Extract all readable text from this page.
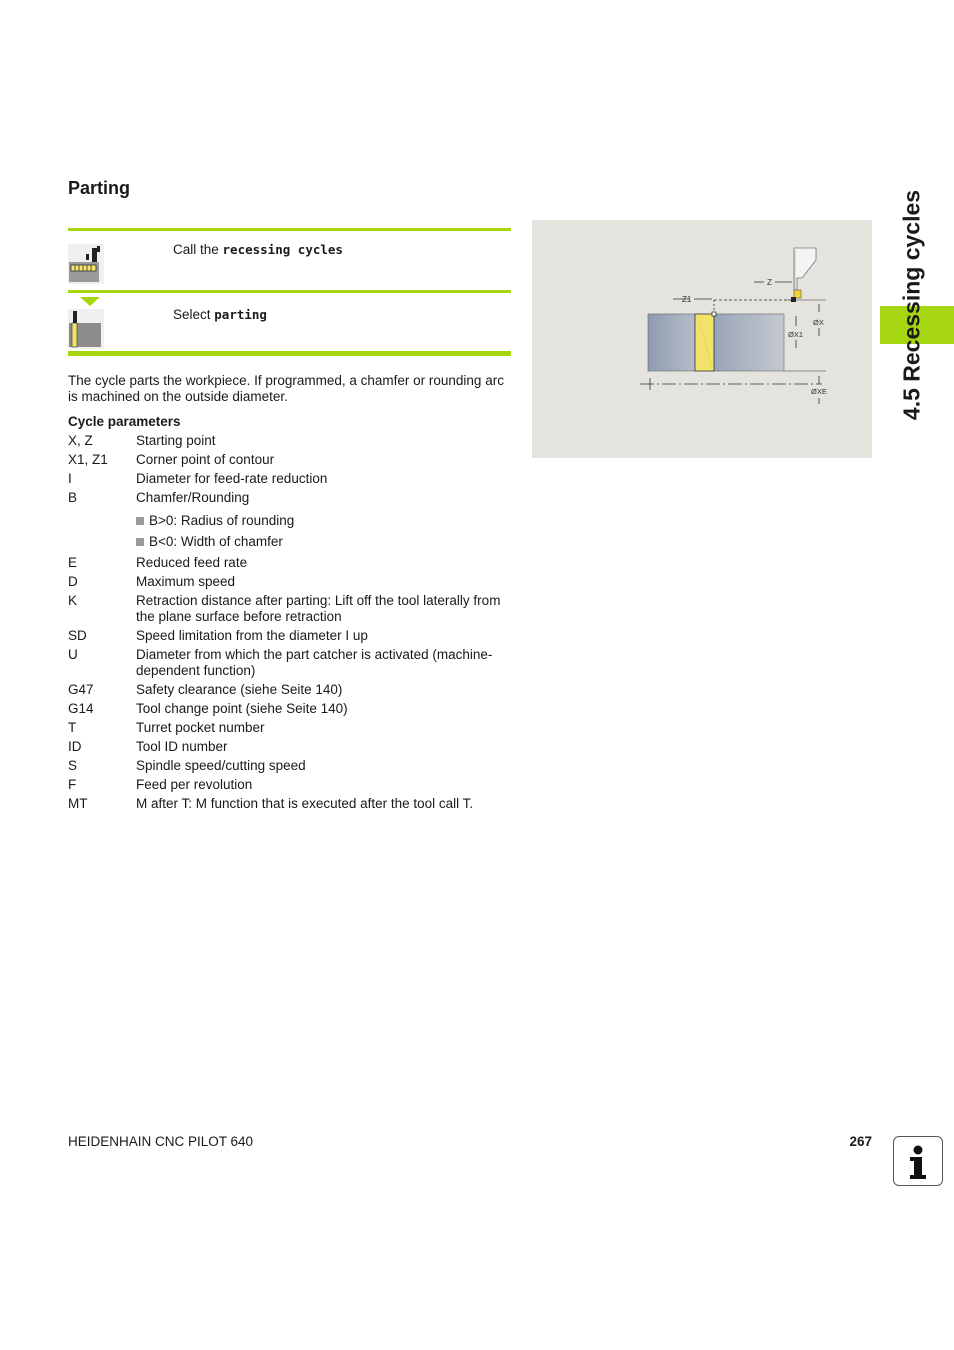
Parting
Call the recessing cycles
Select parting

The cycle parts the workpiece. If programmed, a chamfer or rounding arc is machined on the outside diameter.

Cycle parameters
X, Z	Starting point
X1, Z1	Corner point of contour
I	Diameter for feed-rate reduction
B	Chamfer/Rounding
B>0: Radius of rounding
B<0: Width of chamfer
E	Reduced feed rate
D	Maximum speed
K	Retraction distance after parting: Lift off the tool laterally from the plane surface before retraction
SD	Speed limitation from the diameter I up
U	Diameter from which the part catcher is activated (machine-dependent function)
G47	Safety clearance (siehe Seite 140)
G14	Tool change point (siehe Seite 140)
T	Turret pocket number
ID	Tool ID number
S	Spindle speed/cutting speed
F	Feed per revolution
MT	M after T: M function that is executed after the tool call T.
Z1
Z
ØX
ØX1
ØXE	4.5 Recessing cycles
HEIDENHAIN CNC PILOT 640	267
